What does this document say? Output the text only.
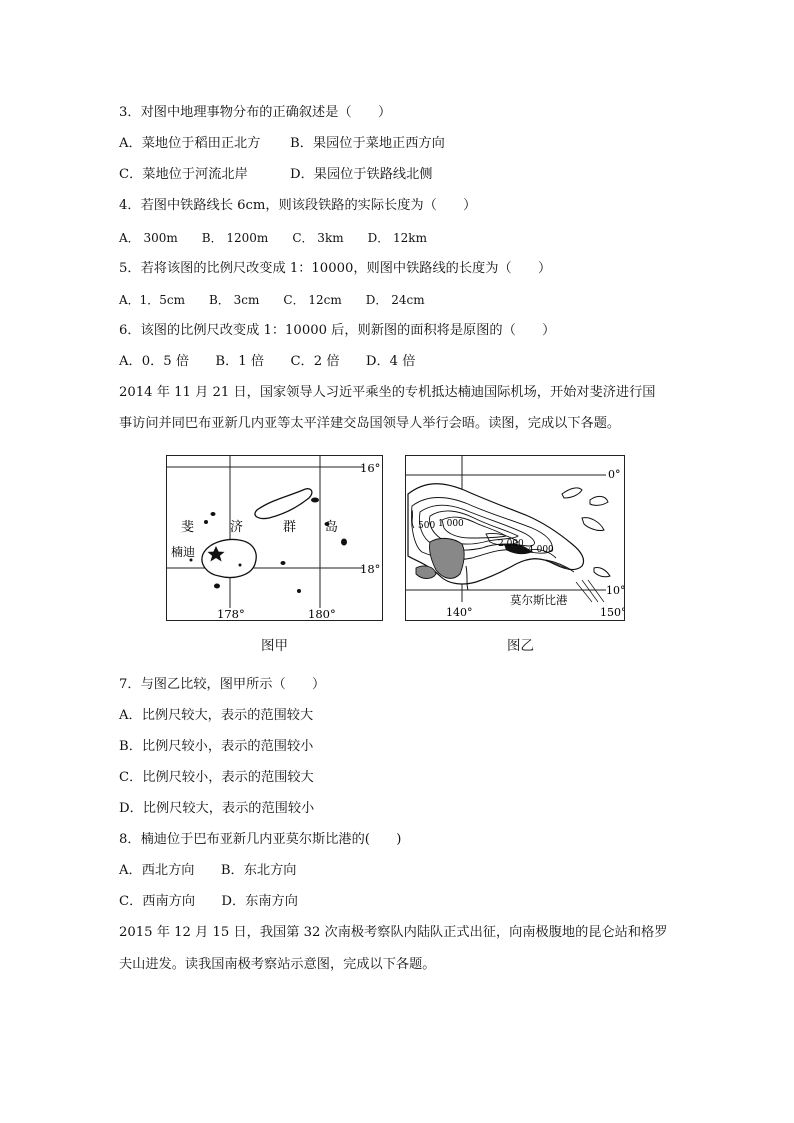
3．对图中地理事物分布的正确叙述是（　　）
A．菜地位于稻田正北方 B．果园位于菜地正西方向
C．菜地位于河流北岸	D．果园位于铁路线北侧
4．若图中铁路线长 6cm，则该段铁路的实际长度为（　　）
A． 300m　　B． 1200m　　C． 3km　　D． 12km
5．若将该图的比例尺改变成 1：10000，则图中铁路线的长度为（　　）
A．1．5cm　　B． 3cm　　C． 12cm　　D． 24cm
6．该图的比例尺改变成 1：10000 后，则新图的面积将是原图的（　　）
A．0．5 倍　　B．1 倍　　C．2 倍　　D．4 倍
2014 年 11 月 21 日，国家领导人习近平乘坐的专机抵达楠迪国际机场，开始对斐济进行国
事访问并同巴布亚新几内亚等太平洋建交岛国领导人举行会晤。读图，完成以下各题。
16°
18°
178°	180°
斐	济	群 岛
楠迪
图甲
0°
10°
140°	150°
500 1 000
2 000
4 000
莫尔斯比港
图乙
7．与图乙比较，图甲所示（　　）
A．比例尺较大，表示的范围较大
B．比例尺较小，表示的范围较小
C．比例尺较小，表示的范围较大
D．比例尺较大，表示的范围较小
8．楠迪位于巴布亚新几内亚莫尔斯比港的(　　)
A．西北方向　　B．东北方向
C．西南方向　　D．东南方向
2015 年 12 月 15 日，我国第 32 次南极考察队内陆队正式出征，向南极腹地的昆仑站和格罗
夫山进发。读我国南极考察站示意图，完成以下各题。
